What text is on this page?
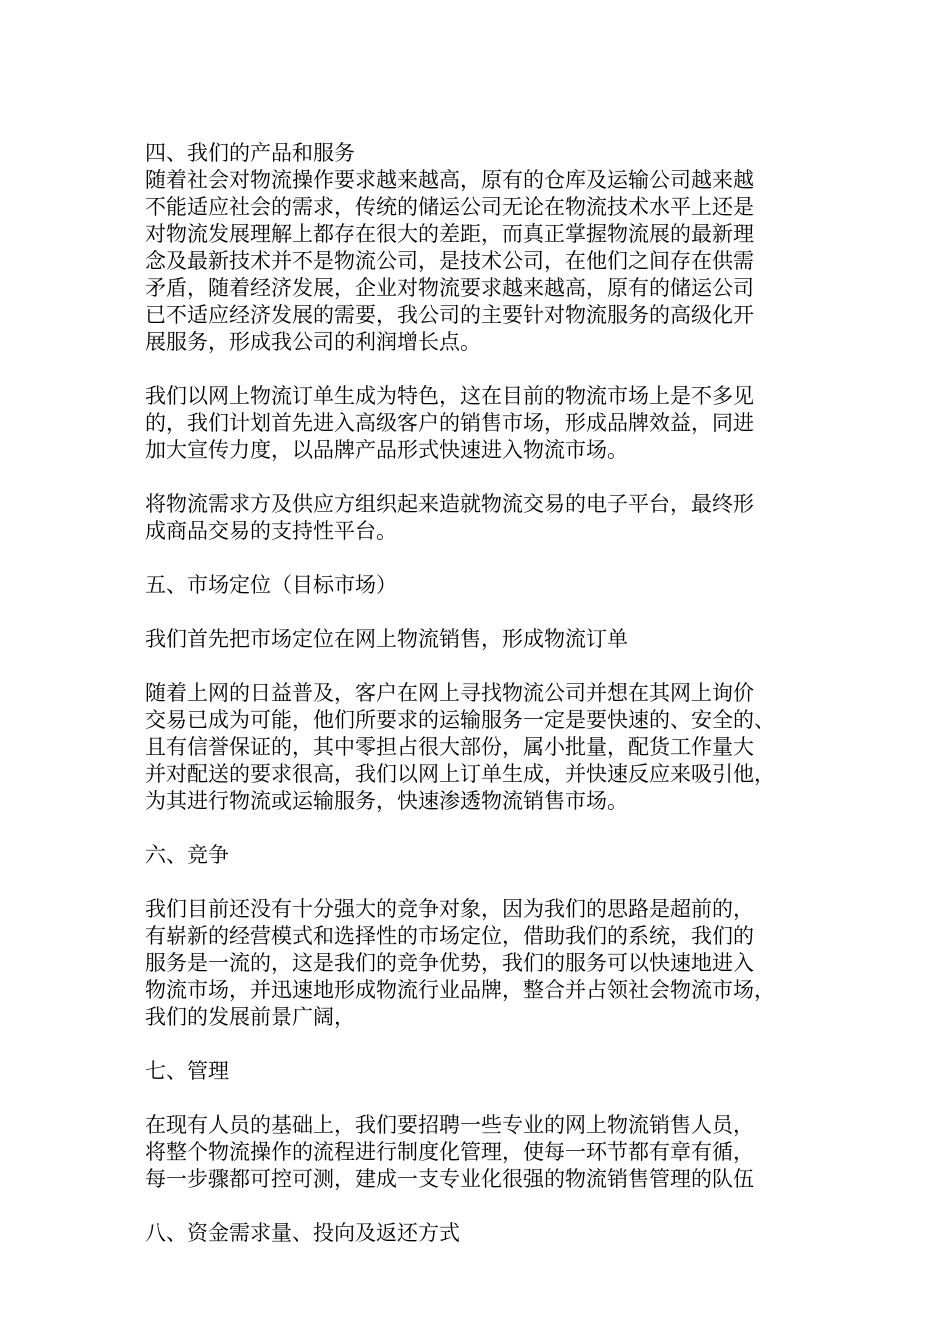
四、我们的产品和服务
随着社会对物流操作要求越来越高，原有的仓库及运输公司越来越
不能适应社会的需求，传统的储运公司无论在物流技术水平上还是
对物流发展理解上都存在很大的差距，而真正掌握物流展的最新理
念及最新技术并不是物流公司，是技术公司，在他们之间存在供需
矛盾，随着经济发展，企业对物流要求越来越高，原有的储运公司
已不适应经济发展的需要，我公司的主要针对物流服务的高级化开
展服务，形成我公司的利润增长点。
我们以网上物流订单生成为特色，这在目前的物流市场上是不多见
的，我们计划首先进入高级客户的销售市场，形成品牌效益，同进
加大宣传力度，以品牌产品形式快速进入物流市场。
将物流需求方及供应方组织起来造就物流交易的电子平台，最终形
成商品交易的支持性平台。
五、市场定位（目标市场）
我们首先把市场定位在网上物流销售，形成物流订单
随着上网的日益普及，客户在网上寻找物流公司并想在其网上询价
交易已成为可能，他们所要求的运输服务一定是要快速的、安全的、
且有信誉保证的，其中零担占很大部份，属小批量，配货工作量大
并对配送的要求很高，我们以网上订单生成，并快速反应来吸引他，
为其进行物流或运输服务，快速渗透物流销售市场。
六、竞争
我们目前还没有十分强大的竞争对象，因为我们的思路是超前的，
有崭新的经营模式和选择性的市场定位，借助我们的系统，我们的
服务是一流的，这是我们的竞争优势，我们的服务可以快速地进入
物流市场，并迅速地形成物流行业品牌，整合并占领社会物流市场，
我们的发展前景广阔，
七、管理
在现有人员的基础上，我们要招聘一些专业的网上物流销售人员，
将整个物流操作的流程进行制度化管理，使每一环节都有章有循，
每一步骤都可控可测，建成一支专业化很强的物流销售管理的队伍
八、资金需求量、投向及返还方式
